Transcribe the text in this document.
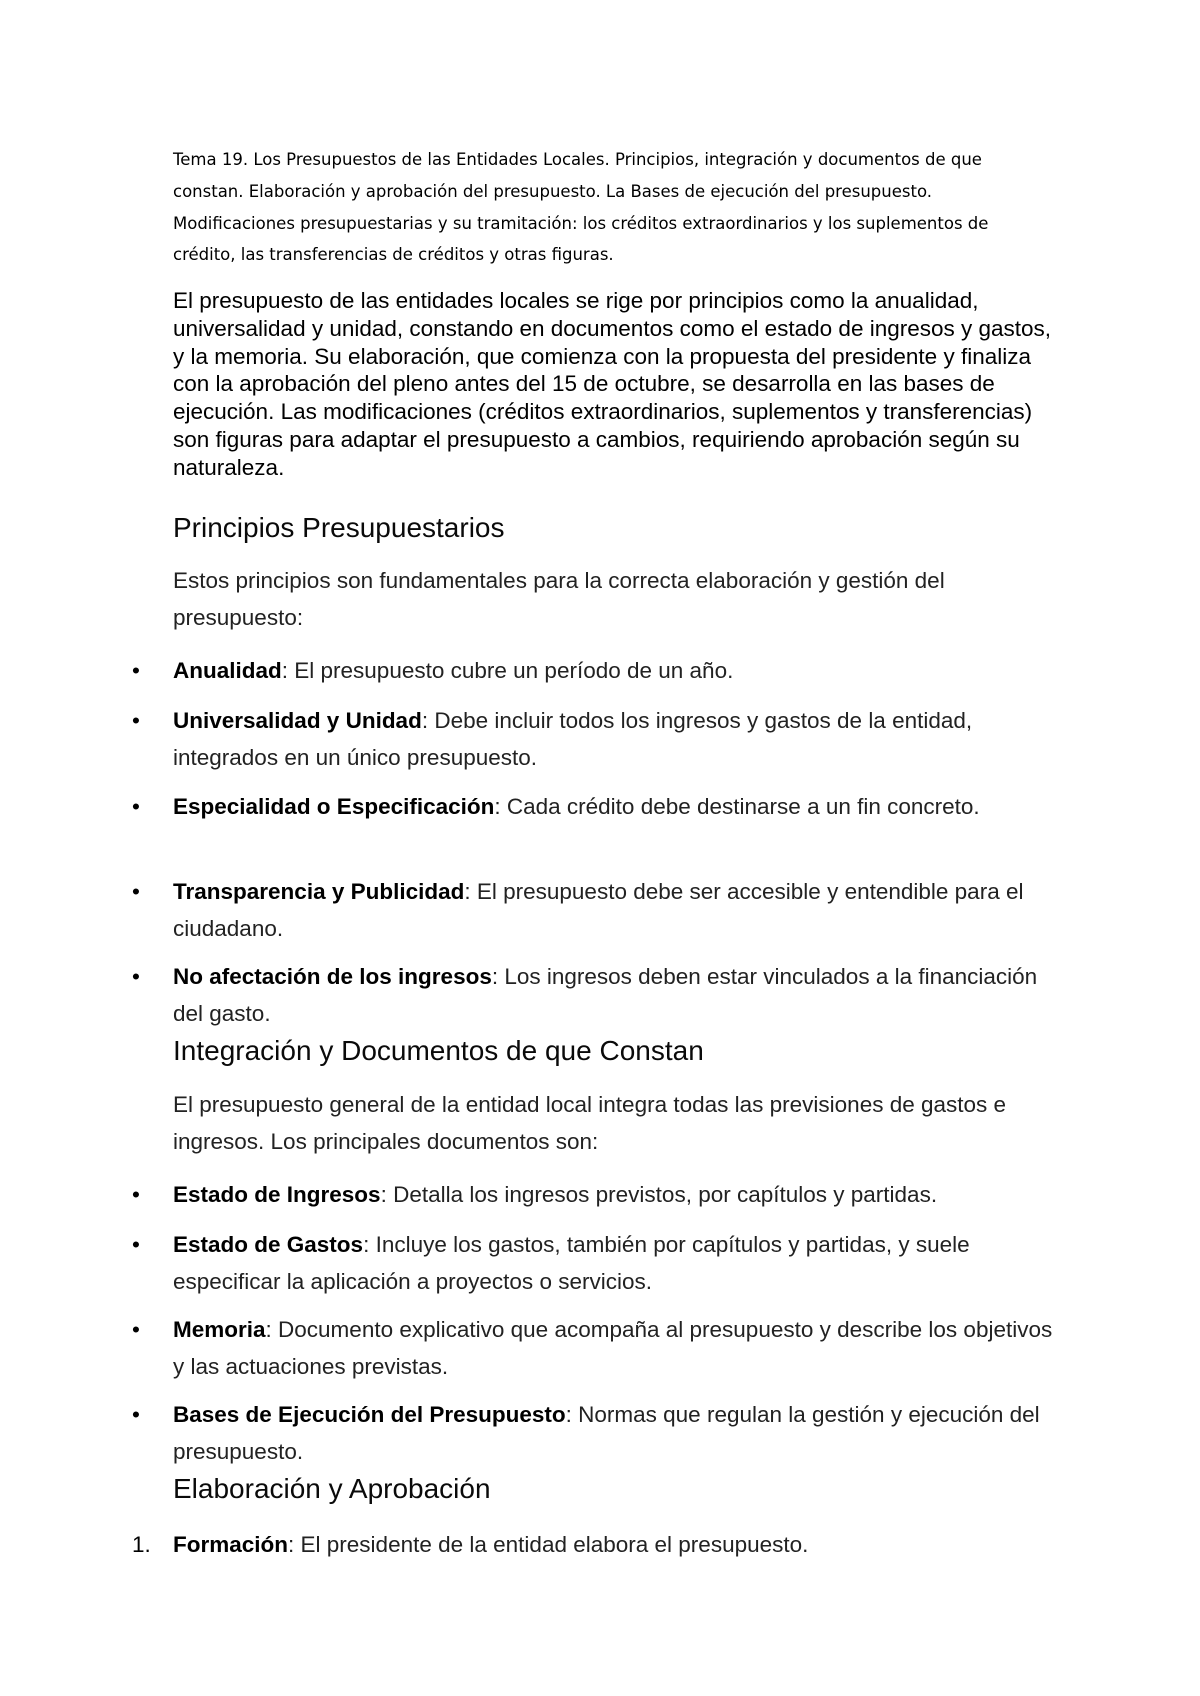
Tema 19. Los Presupuestos de las Entidades Locales. Principios, integración y documentos de que constan. Elaboración y aprobación del presupuesto. La Bases de ejecución del presupuesto. Modificaciones presupuestarias y su tramitación: los créditos extraordinarios y los suplementos de crédito, las transferencias de créditos y otras figuras.
El presupuesto de las entidades locales se rige por principios como la anualidad, universalidad y unidad, constando en documentos como el estado de ingresos y gastos, y la memoria. Su elaboración, que comienza con la propuesta del presidente y finaliza con la aprobación del pleno antes del 15 de octubre, se desarrolla en las bases de ejecución. Las modificaciones (créditos extraordinarios, suplementos y transferencias) son figuras para adaptar el presupuesto a cambios, requiriendo aprobación según su naturaleza.
Principios Presupuestarios
Estos principios son fundamentales para la correcta elaboración y gestión del presupuesto:
•	Anualidad: El presupuesto cubre un período de un año.
•	Universalidad y Unidad: Debe incluir todos los ingresos y gastos de la entidad, integrados en un único presupuesto.
•	Especialidad o Especificación: Cada crédito debe destinarse a un fin concreto.
•	Transparencia y Publicidad: El presupuesto debe ser accesible y entendible para el ciudadano.
•	No afectación de los ingresos: Los ingresos deben estar vinculados a la financiación del gasto.
Integración y Documentos de que Constan
El presupuesto general de la entidad local integra todas las previsiones de gastos e ingresos. Los principales documentos son:
•	Estado de Ingresos: Detalla los ingresos previstos, por capítulos y partidas.
•	Estado de Gastos: Incluye los gastos, también por capítulos y partidas, y suele especificar la aplicación a proyectos o servicios.
•	Memoria: Documento explicativo que acompaña al presupuesto y describe los objetivos y las actuaciones previstas.
•	Bases de Ejecución del Presupuesto: Normas que regulan la gestión y ejecución del presupuesto.
Elaboración y Aprobación
1. Formación: El presidente de la entidad elabora el presupuesto.
